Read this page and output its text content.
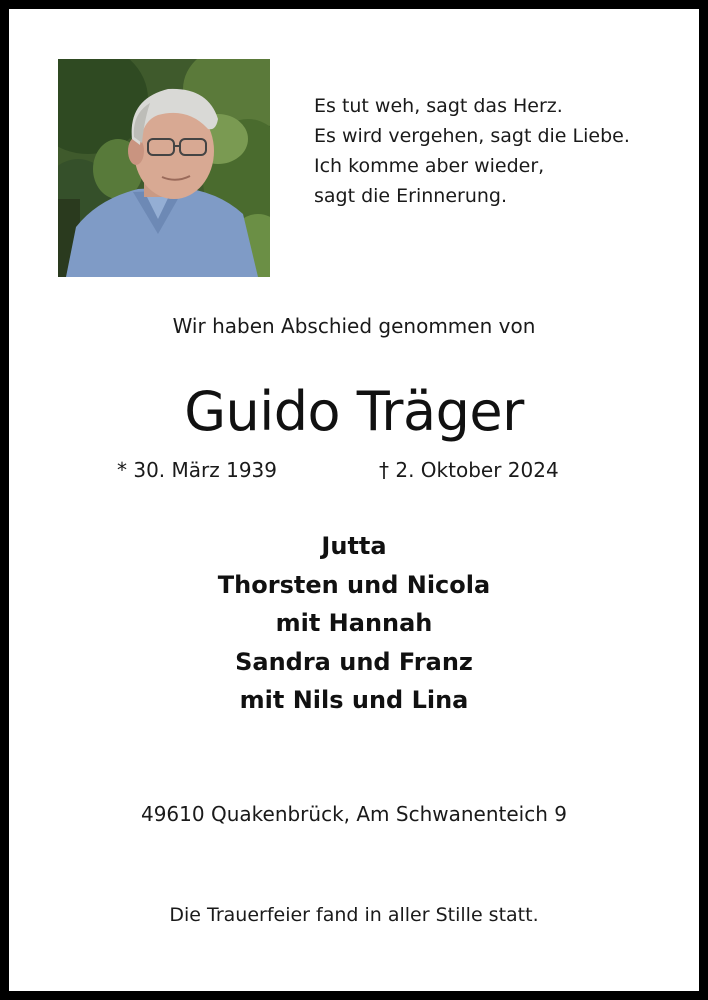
Es tut weh, sagt das Herz.
Es wird vergehen, sagt die Liebe.
Ich komme aber wieder,
sagt die Erinnerung.
Wir haben Abschied genommen von
Guido Träger
* 30. März 1939	† 2. Oktober 2024
Jutta
Thorsten und Nicola
mit Hannah
Sandra und Franz
mit Nils und Lina
49610 Quakenbrück, Am Schwanenteich 9
Die Trauerfeier fand in aller Stille statt.
